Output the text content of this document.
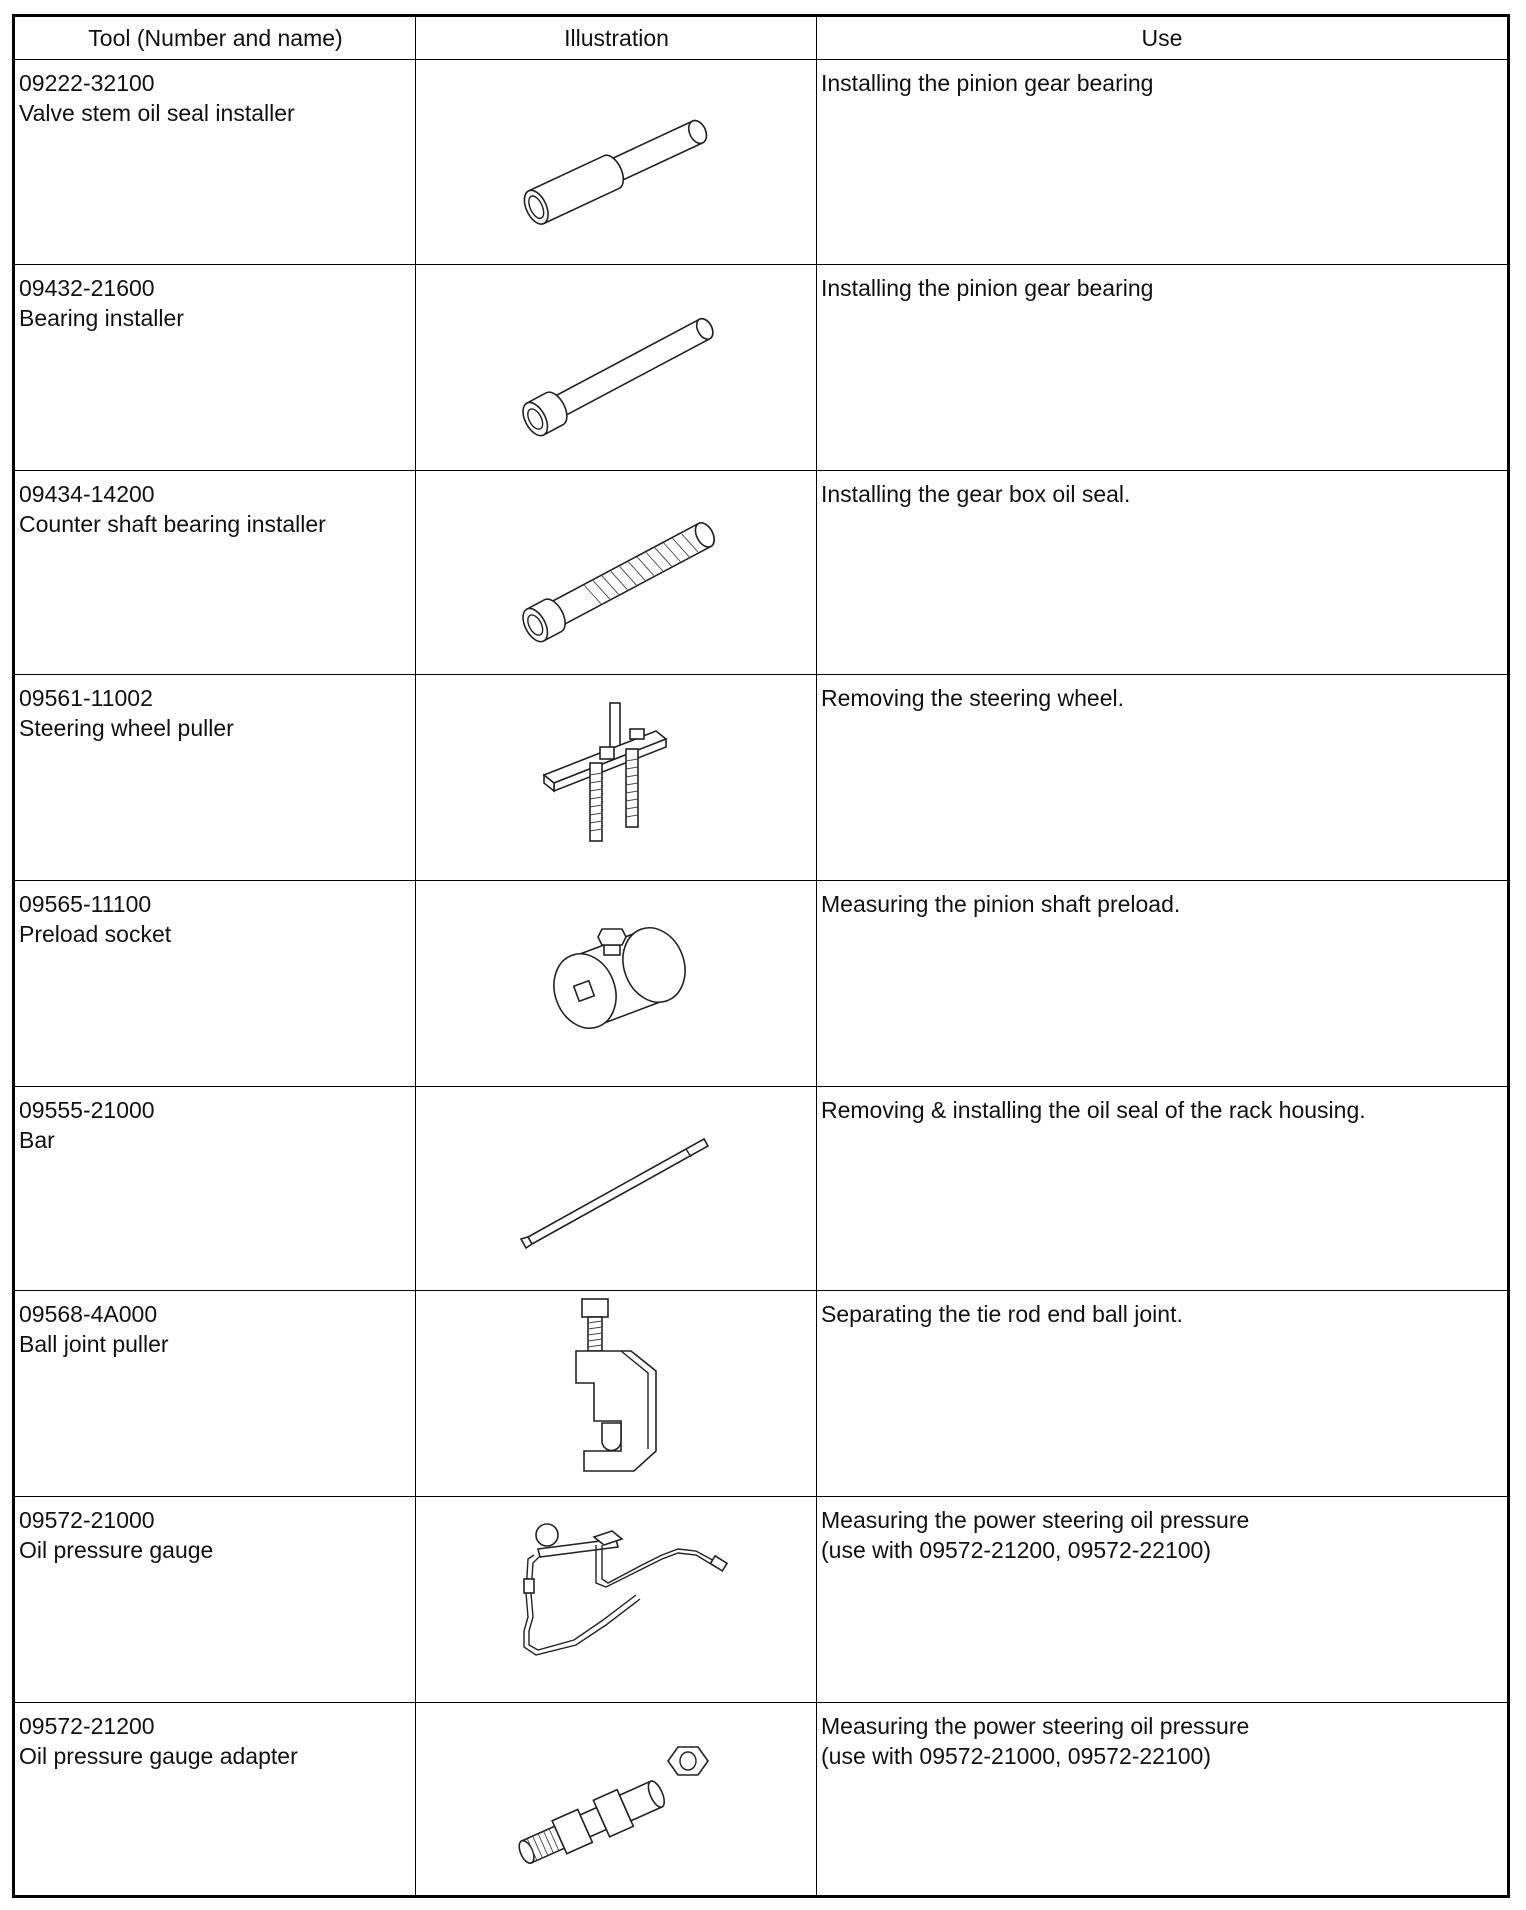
Tool (Number and name)	Illustration	Use
09222-32100
Valve stem oil seal installer
Installing the pinion gear bearing
09432-21600
Bearing installer
Installing the pinion gear bearing
09434-14200
Counter shaft bearing installer
Installing the gear box oil seal.
09561-11002
Steering wheel puller
Removing the steering wheel.
09565-11100
Preload socket
Measuring the pinion shaft preload.
09555-21000
Bar
Removing & installing the oil seal of the rack housing.
09568-4A000
Ball joint puller
Separating the tie rod end ball joint.
09572-21000
Oil pressure gauge
Measuring the power steering oil pressure
(use with 09572-21200, 09572-22100)
09572-21200
Oil pressure gauge adapter
Measuring the power steering oil pressure
(use with 09572-21000, 09572-22100)
